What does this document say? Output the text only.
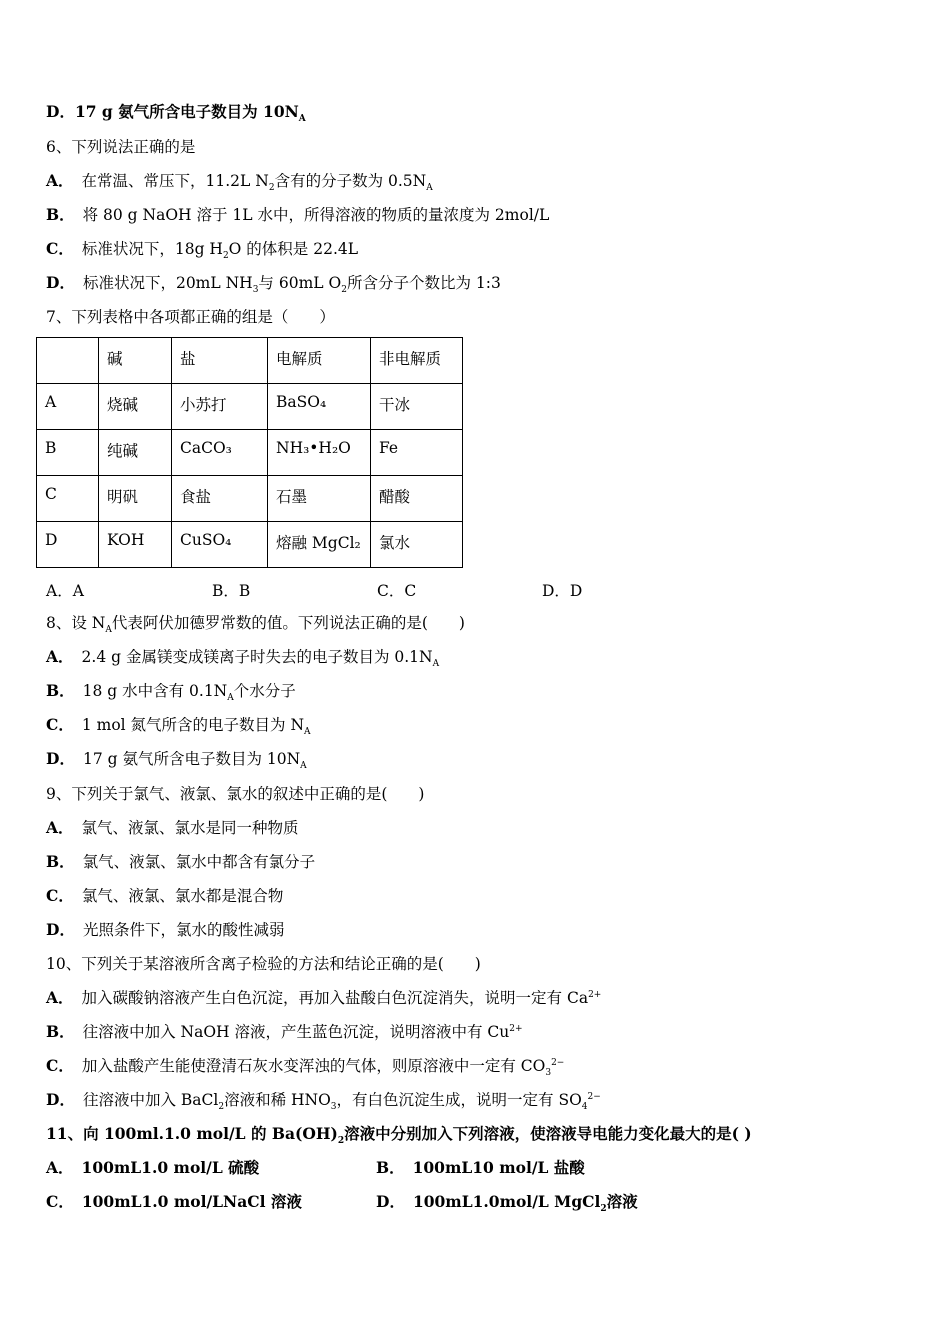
D．17 g 氨气所含电子数目为 $10N_A$
6、下列说法正确的是
A． 在常温、常压下，11.2L $N_2$含有的分子数为 $0.5N_A$
B． 将 80 g NaOH 溶于 1L 水中，所得溶液的物质的量浓度为 2mol/L
C． 标准状况下，18g $H_2O$ 的体积是 22.4L
D． 标准状况下，20mL $NH_3$与 60mL $O_2$所含分子个数比为 1:3
7、下列表格中各项都正确的组是（　　）
	碱	盐	电解质	非电解质
A	烧碱	小苏打	BaSO₄	干冰
B	纯碱	CaCO₃	NH₃•H₂O	Fe
C	明矾	食盐	石墨	醋酸
D	KOH	CuSO₄	熔融 MgCl₂	氯水
A．A	B．B	C．C	D．D
8、设 $N_A$代表阿伏加德罗常数的值。下列说法正确的是(　　)
A． 2.4 g 金属镁变成镁离子时失去的电子数目为 $0.1N_A$
B． 18 g 水中含有 $0.1N_A$个水分子
C． 1 mol 氮气所含的电子数目为 $N_A$
D． 17 g 氨气所含电子数目为 $10N_A$
9、下列关于氯气、液氯、氯水的叙述中正确的是(　　)
A． 氯气、液氯、氯水是同一种物质
B． 氯气、液氯、氯水中都含有氯分子
C． 氯气、液氯、氯水都是混合物
D． 光照条件下，氯水的酸性减弱
10、下列关于某溶液所含离子检验的方法和结论正确的是(　　)
A． 加入碳酸钠溶液产生白色沉淀，再加入盐酸白色沉淀消失，说明一定有 $Ca^{2+}$
B． 往溶液中加入 NaOH 溶液，产生蓝色沉淀，说明溶液中有 $Cu^{2+}$
C． 加入盐酸产生能使澄清石灰水变浑浊的气体，则原溶液中一定有 $CO_3^{2-}$
D． 往溶液中加入 BaCl$_2$溶液和稀 $HNO_3$，有白色沉淀生成，说明一定有 $SO_4^{2-}$
11、向 100ml.1.0 mol/L 的 $Ba(OH)_2$溶液中分别加入下列溶液，使溶液导电能力变化最大的是( )
A． 100mL1.0 mol/L 硫酸	B． 100mL10 mol/L 盐酸
C． 100mL1.0 mol/LNaCl 溶液	D． 100mL1.0mol/L MgCl$_2$溶液
